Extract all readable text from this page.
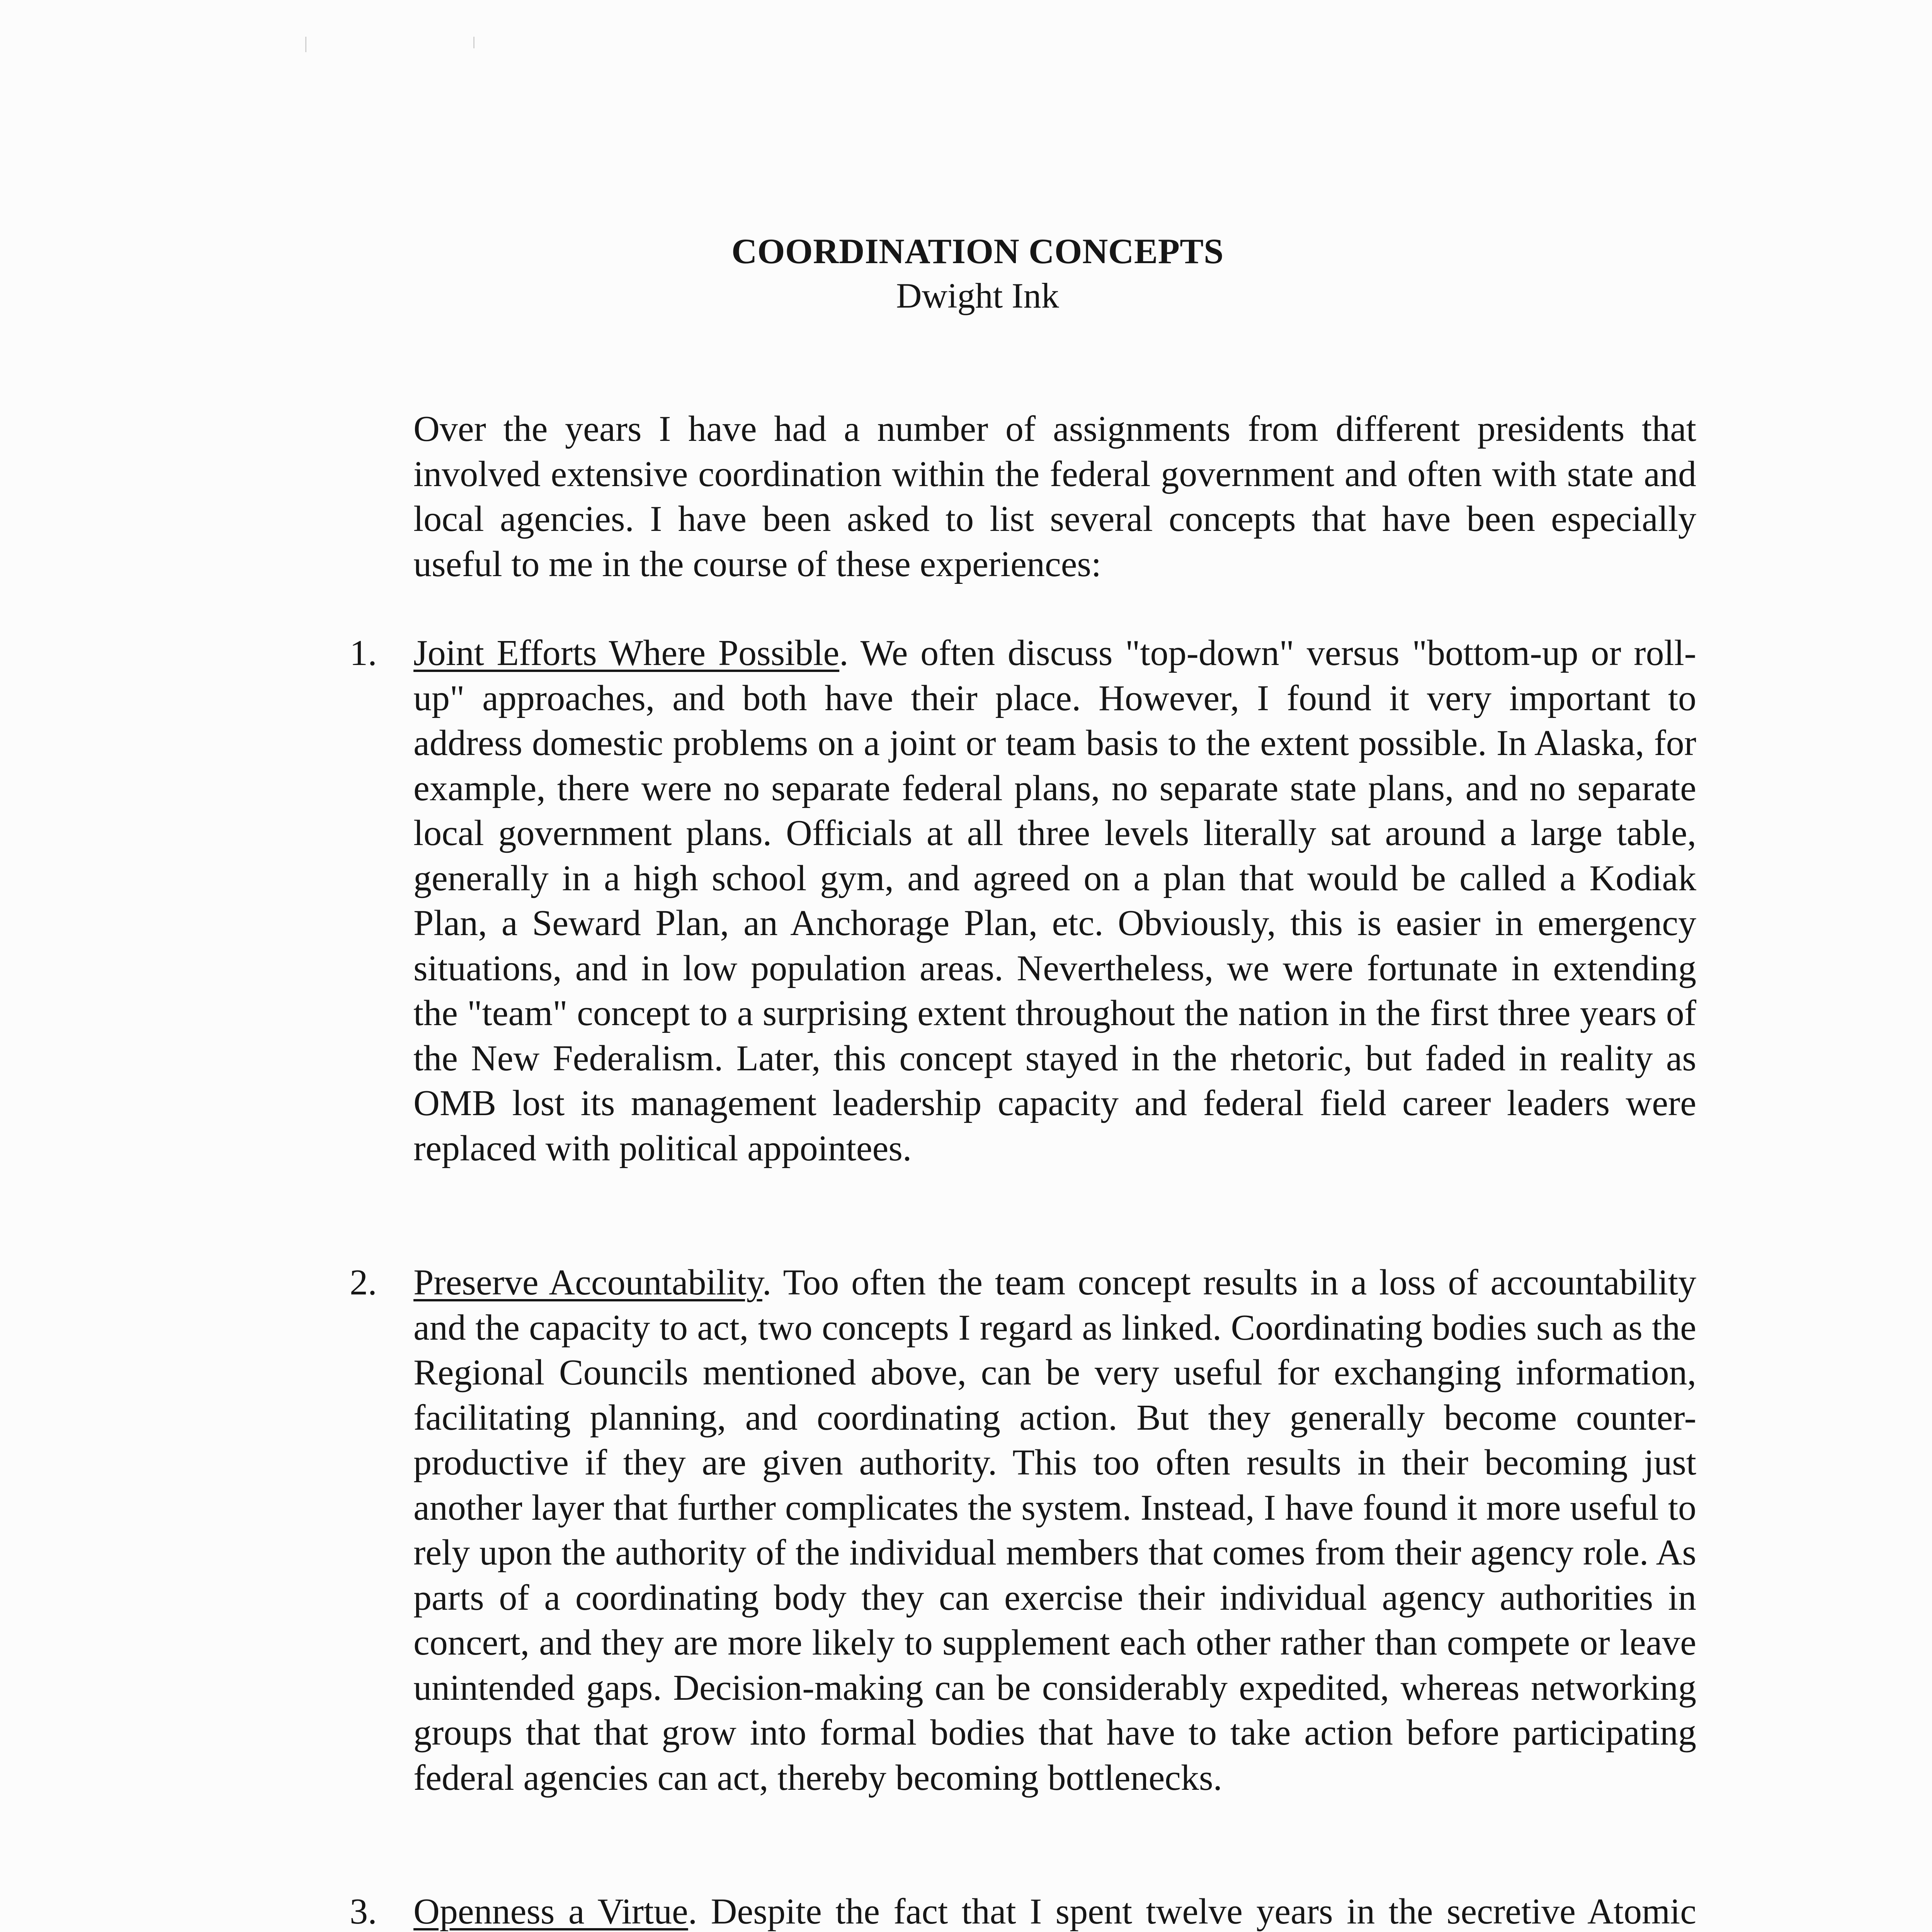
COORDINATION CONCEPTS
Dwight Ink
Over the years I have had a number of assignments from different presidents that involved extensive coordination within the federal government and often with state and local agencies. I have been asked to list several concepts that have been especially useful to me in the course of these experiences:
1. Joint Efforts Where Possible. We often discuss "top-down" versus "bottom-up or roll-up" approaches, and both have their place. However, I found it very important to address domestic problems on a joint or team basis to the extent possible. In Alaska, for example, there were no separate federal plans, no separate state plans, and no separate local government plans. Officials at all three levels literally sat around a large table, generally in a high school gym, and agreed on a plan that would be called a Kodiak Plan, a Seward Plan, an Anchorage Plan, etc. Obviously, this is easier in emergency situations, and in low population areas. Nevertheless, we were fortunate in extending the "team" concept to a surprising extent throughout the nation in the first three years of the New Federalism. Later, this concept stayed in the rhetoric, but faded in reality as OMB lost its management leadership capacity and federal field career leaders were replaced with political appointees.
2. Preserve Accountability. Too often the team concept results in a loss of accountability and the capacity to act, two concepts I regard as linked. Coordinating bodies such as the Regional Councils mentioned above, can be very useful for exchanging information, facilitating planning, and coordinating action. But they generally become counter-productive if they are given authority. This too often results in their becoming just another layer that further complicates the system. Instead, I have found it more useful to rely upon the authority of the individual members that comes from their agency role. As parts of a coordinating body they can exercise their individual agency authorities in concert, and they are more likely to supplement each other rather than compete or leave unintended gaps. Decision-making can be considerably expedited, whereas networking groups that that grow into formal bodies that have to take action before participating federal agencies can act, thereby becoming bottlenecks.
3. Openness a Virtue. Despite the fact that I spent twelve years in the secretive Atomic
